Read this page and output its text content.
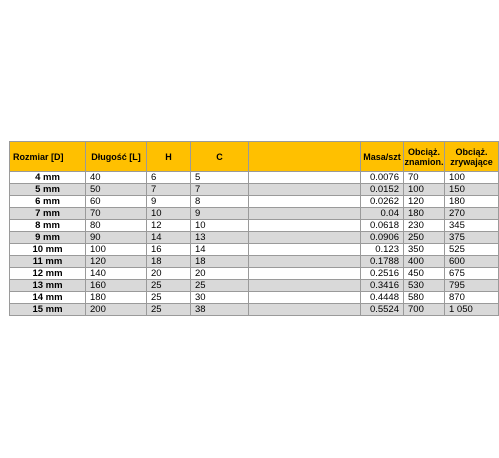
Rozmiar [D]	Długość [L]	H	C		Masa/szt	Obciąż. znamion.	Obciąż. zrywające
4 mm	40	6	5		0.0076	70	100
5 mm	50	7	7		0.0152	100	150
6 mm	60	9	8		0.0262	120	180
7 mm	70	10	9		0.04	180	270
8 mm	80	12	10		0.0618	230	345
9 mm	90	14	13		0.0906	250	375
10 mm	100	16	14		0.123	350	525
11 mm	120	18	18		0.1788	400	600
12 mm	140	20	20		0.2516	450	675
13 mm	160	25	25		0.3416	530	795
14 mm	180	25	30		0.4448	580	870
15 mm	200	25	38		0.5524	700	1 050
